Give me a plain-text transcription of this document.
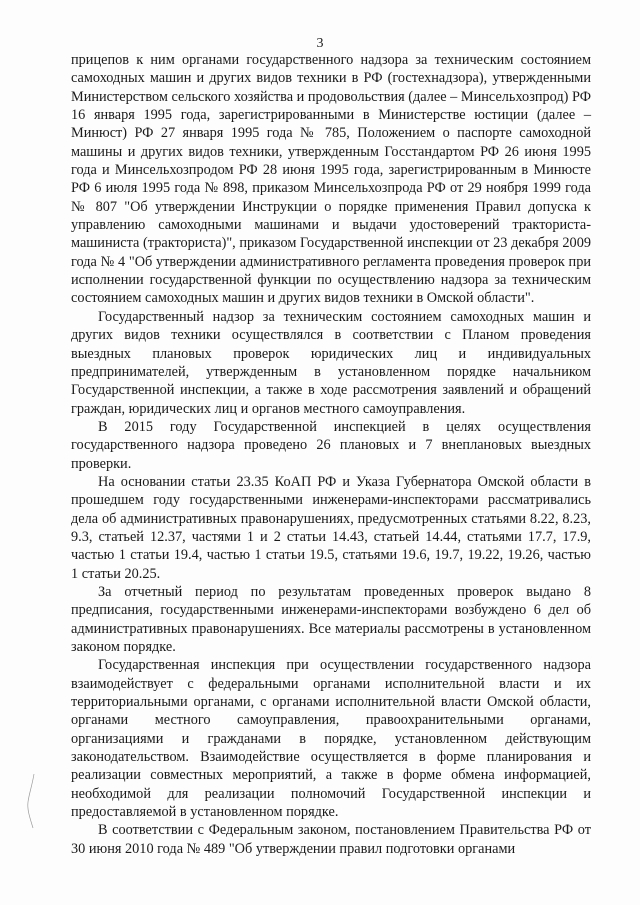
3

прицепов к ним органами государственного надзора за техническим состоянием самоходных машин и других видов техники в РФ (гостехнадзора), утвержденными Министерством сельского хозяйства и продовольствия (далее – Минсельхозпрод) РФ 16 января 1995 года, зарегистрированными в Министерстве юстиции (далее – Минюст) РФ 27 января 1995 года № 785, Положением о паспорте самоходной машины и других видов техники, утвержденным Госстандартом РФ 26 июня 1995 года и Минсельхозпродом РФ 28 июня 1995 года, зарегистрированным в Минюсте РФ 6 июля 1995 года № 898, приказом Минсельхозпрода РФ от 29 ноября 1999 года № 807 "Об утверждении Инструкции о порядке применения Правил допуска к управлению самоходными машинами и выдачи удостоверений тракториста-машиниста (тракториста)", приказом Государственной инспекции от 23 декабря 2009 года № 4 "Об утверждении административного регламента проведения проверок при исполнении государственной функции по осуществлению надзора за техническим состоянием самоходных машин и других видов техники в Омской области".

Государственный надзор за техническим состоянием самоходных машин и других видов техники осуществлялся в соответствии с Планом проведения выездных плановых проверок юридических лиц и индивидуальных предпринимателей, утвержденным в установленном порядке начальником Государственной инспекции, а также в ходе рассмотрения заявлений и обращений граждан, юридических лиц и органов местного самоуправления.

В 2015 году Государственной инспекцией в целях осуществления государственного надзора проведено 26 плановых и 7 внеплановых выездных проверки.

На основании статьи 23.35 КоАП РФ и Указа Губернатора Омской области в прошедшем году государственными инженерами-инспекторами рассматривались дела об административных правонарушениях, предусмотренных статьями 8.22, 8.23, 9.3, статьей 12.37, частями 1 и 2 статьи 14.43, статьей 14.44, статьями 17.7, 17.9, частью 1 статьи 19.4, частью 1 статьи 19.5, статьями 19.6, 19.7, 19.22, 19.26, частью 1 статьи 20.25.

За отчетный период по результатам проведенных проверок выдано 8 предписания, государственными инженерами-инспекторами возбуждено 6 дел об административных правонарушениях. Все материалы рассмотрены в установленном законом порядке.

Государственная инспекция при осуществлении государственного надзора взаимодействует с федеральными органами исполнительной власти и их территориальными органами, с органами исполнительной власти Омской области, органами местного самоуправления, правоохранительными органами, организациями и гражданами в порядке, установленном действующим законодательством. Взаимодействие осуществляется в форме планирования и реализации совместных мероприятий, а также в форме обмена информацией, необходимой для реализации полномочий Государственной инспекции и предоставляемой в установленном порядке.

В соответствии с Федеральным законом, постановлением Правительства РФ от 30 июня 2010 года № 489 "Об утверждении правил подготовки органами
